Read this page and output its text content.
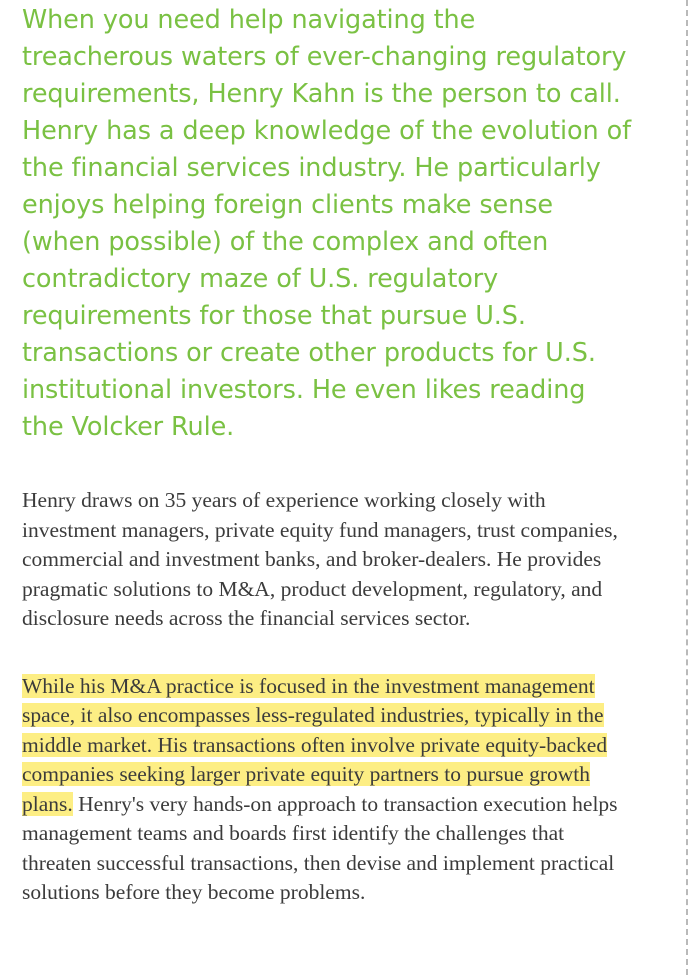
When you need help navigating the treacherous waters of ever-changing regulatory requirements, Henry Kahn is the person to call. Henry has a deep knowledge of the evolution of the financial services industry. He particularly enjoys helping foreign clients make sense (when possible) of the complex and often contradictory maze of U.S. regulatory requirements for those that pursue U.S. transactions or create other products for U.S. institutional investors. He even likes reading the Volcker Rule.

Henry draws on 35 years of experience working closely with investment managers, private equity fund managers, trust companies, commercial and investment banks, and broker-dealers. He provides pragmatic solutions to M&A, product development, regulatory, and disclosure needs across the financial services sector.

While his M&A practice is focused in the investment management space, it also encompasses less-regulated industries, typically in the middle market. His transactions often involve private equity-backed companies seeking larger private equity partners to pursue growth plans. Henry's very hands-on approach to transaction execution helps management teams and boards first identify the challenges that threaten successful transactions, then devise and implement practical solutions before they become problems.
